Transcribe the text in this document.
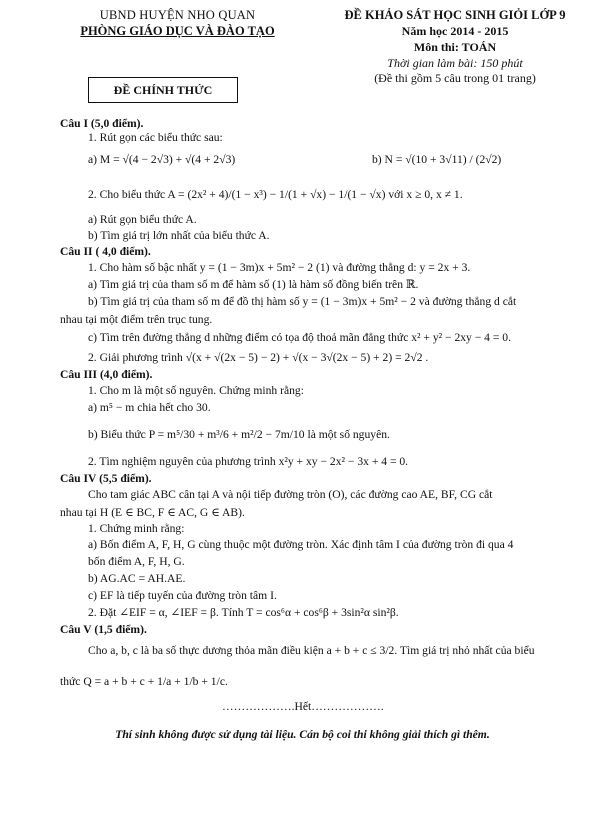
UBND HUYỆN NHO QUAN
PHÒNG GIÁO DỤC VÀ ĐÀO TẠO
ĐỀ CHÍNH THỨC
ĐỀ KHẢO SÁT HỌC SINH GIỎI LỚP 9
Năm học 2014 - 2015
Môn thi: TOÁN
Thời gian làm bài: 150 phút
(Đề thi gồm 5 câu trong 01 trang)
Câu I (5,0 điểm).
1. Rút gọn các biểu thức sau:
a) M = √(4 − 2√3) + √(4 + 2√3)	b) N = √(10 + 3√11) / (2√2)
2. Cho biểu thức A = (2x² + 4)/(1 − x³) − 1/(1 + √x) − 1/(1 − √x) với x ≥ 0, x ≠ 1.
a) Rút gọn biểu thức A.
b) Tìm giá trị lớn nhất của biểu thức A.
Câu II ( 4,0 điểm).
1. Cho hàm số bậc nhất y = (1 − 3m)x + 5m² − 2 (1) và đường thẳng d: y = 2x + 3.
a) Tìm giá trị của tham số m để hàm số (1) là hàm số đồng biến trên ℝ.
b) Tìm giá trị của tham số m để đồ thị hàm số y = (1 − 3m)x + 5m² − 2 và đường thẳng d cắt
nhau tại một điểm trên trục tung.
c) Tìm trên đường thẳng d những điểm có tọa độ thoả mãn đẳng thức x² + y² − 2xy − 4 = 0.
2. Giải phương trình √(x + √(2x − 5) − 2) + √(x − 3√(2x − 5) + 2) = 2√2 .
Câu III (4,0 điểm).
1. Cho m là một số nguyên. Chứng minh rằng:
a) m⁵ − m chia hết cho 30.
b) Biểu thức P = m⁵/30 + m³/6 + m²/2 − 7m/10 là một số nguyên.
2. Tìm nghiệm nguyên của phương trình x²y + xy − 2x² − 3x + 4 = 0.
Câu IV (5,5 điểm).
Cho tam giác ABC cân tại A và nội tiếp đường tròn (O), các đường cao AE, BF, CG cắt
nhau tại H (E ∈ BC, F ∈ AC, G ∈ AB).
1. Chứng minh rằng:
a) Bốn điểm A, F, H, G cùng thuộc một đường tròn. Xác định tâm I của đường tròn đi qua 4
bốn điểm A, F, H, G.
b) AG.AC = AH.AE.
c) EF là tiếp tuyến của đường tròn tâm I.
2. Đặt ∠EIF = α, ∠IEF = β. Tính T = cos⁶α + cos⁶β + 3sin²α sin²β.
Câu V (1,5 điểm).
Cho a, b, c là ba số thực dương thỏa mãn điều kiện a + b + c ≤ 3/2. Tìm giá trị nhỏ nhất của biểu
thức Q = a + b + c + 1/a + 1/b + 1/c.
……………….Hết……………….
Thí sinh không được sử dụng tài liệu. Cán bộ coi thi không giải thích gì thêm.
